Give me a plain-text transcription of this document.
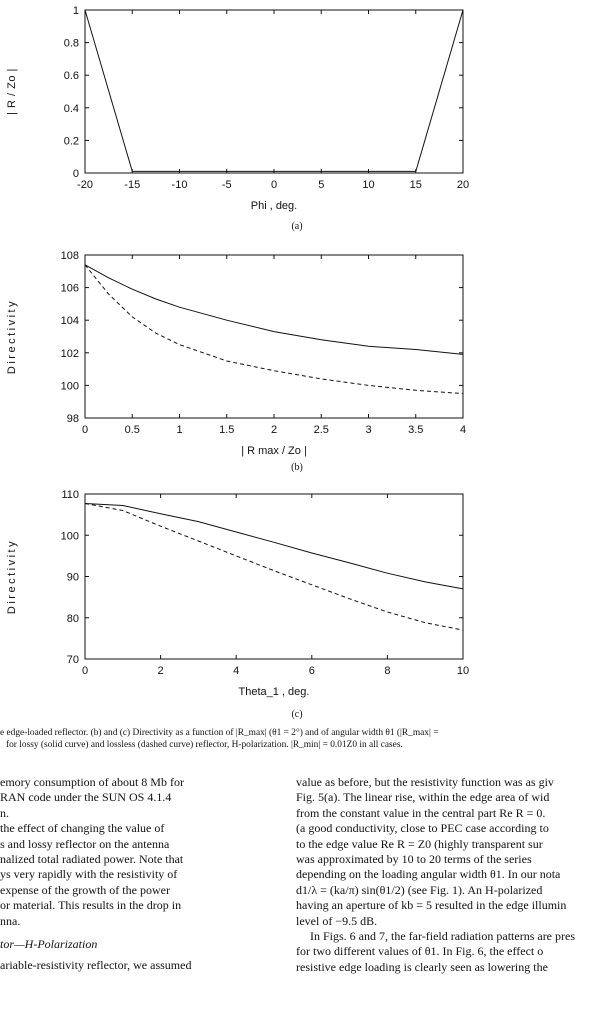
-20	-15	-10	-5	0	5	10	15	20
0
0.2
0.4
0.6
0.8
1
Phi , deg.
| R / Zo |
(a)
0	0.5	1	1.5	2	2.5	3	3.5	4
98
100
102
104
106
108
| R max / Zo |
Directivity
(b)
0	2	4	6	8	10
70
80
90
100
110
Theta_1 , deg.
Directivity
(c)
e edge-loaded reflector. (b) and (c) Directivity as a function of |R_max| (θ1 = 2°) and of angular width θ1 (|R_max| =
for lossy (solid curve) and lossless (dashed curve) reflector, H-polarization. |R_min| = 0.01Z0 in all cases.

emory consumption of about 8 Mb for

RAN code under the SUN OS 4.1.4

n.

the effect of changing the value of

s and lossy reflector on the antenna

nalized total radiated power. Note that

ys very rapidly with the resistivity of

expense of the growth of the power

or material. This results in the drop in

nna.

tor—H-Polarization

ariable-resistivity reflector, we assumed

value as before, but the resistivity function was as giv

Fig. 5(a). The linear rise, within the edge area of wid

from the constant value in the central part Re R = 0.

(a good conductivity, close to PEC case according to

to the edge value Re R = Z0 (highly transparent sur

was approximated by 10 to 20 terms of the series

depending on the loading angular width θ1. In our nota

d1/λ = (ka/π) sin(θ1/2) (see Fig. 1). An H-polarized

having an aperture of kb = 5 resulted in the edge illumin

level of −9.5 dB.

In Figs. 6 and 7, the far-field radiation patterns are pres

for two different values of θ1. In Fig. 6, the effect o

resistive edge loading is clearly seen as lowering the
